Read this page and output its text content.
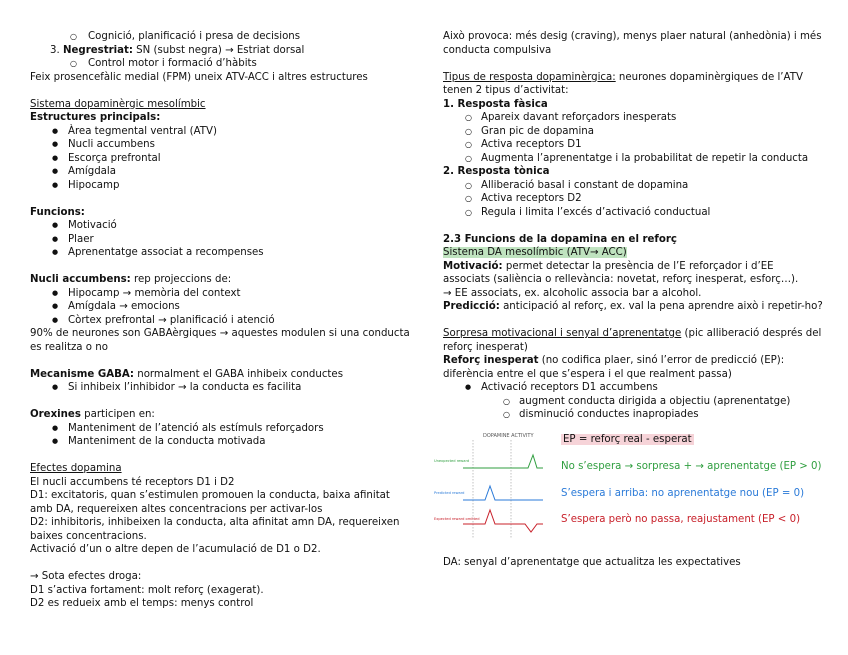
○ Cognició, planificació i presa de decisions
3. Negrestriat: SN (subst negra) → Estriat dorsal
○ Control motor i formació d’hàbits
Feix prosencefàlic medial (FPM) uneix ATV-ACC i altres estructures
Sistema dopaminèrgic mesolímbic
Estructures principals:
● Àrea tegmental ventral (ATV)
● Nucli accumbens
● Escorça prefrontal
● Amígdala
● Hipocamp
Funcions:
● Motivació
● Plaer
● Aprenentatge associat a recompenses
Nucli accumbens: rep projeccions de:
● Hipocamp → memòria del context
● Amígdala → emocions
● Còrtex prefrontal → planificació i atenció
90% de neurones son GABAèrgiques → aquestes modulen si una conducta es realitza o no
Mecanisme GABA: normalment el GABA inhibeix conductes
● Si inhibeix l’inhibidor → la conducta es facilita
Orexines participen en:
● Manteniment de l’atenció als estímuls reforçadors
● Manteniment de la conducta motivada
Efectes dopamina
El nucli accumbens té receptors D1 i D2
D1: excitatoris, quan s’estimulen promouen la conducta, baixa afinitat amb DA, requereixen altes concentracions per activar-los
D2: inhibitoris, inhibeixen la conducta, alta afinitat amn DA, requereixen baixes concentracions.
Activació d’un o altre depen de l’acumulació de D1 o D2.
→ Sota efectes droga:
D1 s’activa fortament: molt reforç (exagerat).
D2 es redueix amb el temps: menys control
Això provoca: més desig (craving), menys plaer natural (anhedònia) i més conducta compulsiva
Tipus de resposta dopaminèrgica: neurones dopaminèrgiques de l’ATV tenen 2 tipus d’activitat:
1. Resposta fàsica
○ Apareix davant reforçadors inesperats
○ Gran pic de dopamina
○ Activa receptors D1
○ Augmenta l’aprenentatge i la probabilitat de repetir la conducta
2. Resposta tònica
○ Alliberació basal i constant de dopamina
○ Activa receptors D2
○ Regula i limita l’excés d’activació conductual
2.3 Funcions de la dopamina en el reforç
Sistema DA mesolímbic (ATV→ ACC)
Motivació: permet detectar la presència de l’E reforçador i d’EE associats (saliència o rellevància: novetat, reforç inesperat, esforç…).
→ EE associats, ex. alcoholic associa bar a alcohol.
Predicció: anticipació al reforç, ex. val la pena aprendre això i repetir-ho?
Sorpresa motivacional i senyal d’aprenentatge (pic alliberació després del reforç inesperat)
Reforç inesperat (no codifica plaer, sinó l’error de predicció (EP): diferència entre el que s’espera i el que realment passa)
● Activació receptors D1 accumbens
○ augment conducta dirigida a objectiu (aprenentatge)
○ disminució conductes inapropiades
DOPAMINE ACTIVITY
Unexpected reward
Predicted reward
Expected reward omitted
EP = reforç real - esperat
No s’espera → sorpresa + → aprenentatge (EP > 0)
S’espera i arriba: no aprenentatge nou (EP = 0)
S’espera però no passa, reajustament (EP < 0)
DA: senyal d’aprenentatge que actualitza les expectatives
